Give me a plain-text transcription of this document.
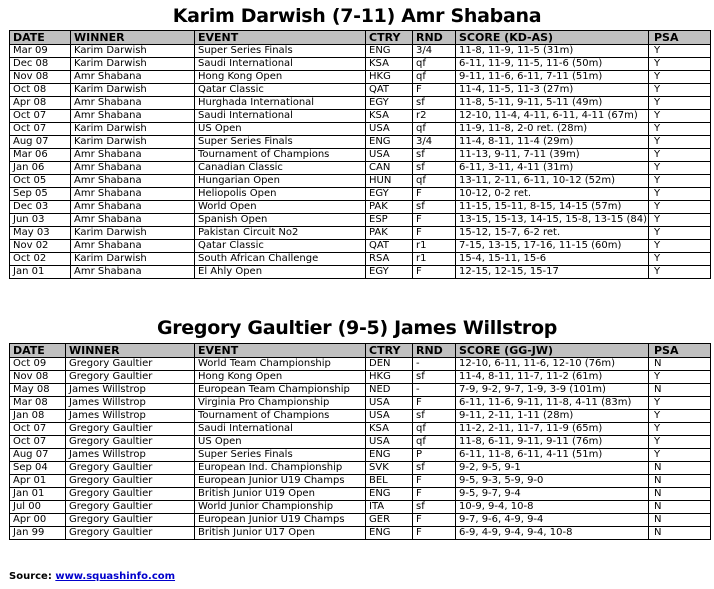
Karim Darwish (7-11) Amr Shabana
DATE	WINNER	EVENT	CTRY	RND	SCORE (KD-AS)	PSA
Mar 09	Karim Darwish	Super Series Finals	ENG	3/4	11-8, 11-9, 11-5 (31m)	Y
Dec 08	Karim Darwish	Saudi International	KSA	qf	6-11, 11-9, 11-5, 11-6 (50m)	Y
Nov 08	Amr Shabana	Hong Kong Open	HKG	qf	9-11, 11-6, 6-11, 7-11 (51m)	Y
Oct 08	Karim Darwish	Qatar Classic	QAT	F	11-4, 11-5, 11-3 (27m)	Y
Apr 08	Amr Shabana	Hurghada International	EGY	sf	11-8, 5-11, 9-11, 5-11 (49m)	Y
Oct 07	Amr Shabana	Saudi International	KSA	r2	12-10, 11-4, 4-11, 6-11, 4-11 (67m)	Y
Oct 07	Karim Darwish	US Open	USA	qf	11-9, 11-8, 2-0 ret. (28m)	Y
Aug 07	Karim Darwish	Super Series Finals	ENG	3/4	11-4, 8-11, 11-4 (29m)	Y
Mar 06	Amr Shabana	Tournament of Champions	USA	sf	11-13, 9-11, 7-11 (39m)	Y
Jan 06	Amr Shabana	Canadian Classic	CAN	sf	6-11, 3-11, 4-11 (31m)	Y
Oct 05	Amr Shabana	Hungarian Open	HUN	qf	13-11, 2-11, 6-11, 10-12 (52m)	Y
Sep 05	Amr Shabana	Heliopolis Open	EGY	F	10-12, 0-2 ret.	Y
Dec 03	Amr Shabana	World Open	PAK	sf	11-15, 15-11, 8-15, 14-15 (57m)	Y
Jun 03	Amr Shabana	Spanish Open	ESP	F	13-15, 15-13, 14-15, 15-8, 13-15 (84)	Y
May 03	Karim Darwish	Pakistan Circuit No2	PAK	F	15-12, 15-7, 6-2 ret.	Y
Nov 02	Amr Shabana	Qatar Classic	QAT	r1	7-15, 13-15, 17-16, 11-15 (60m)	Y
Oct 02	Karim Darwish	South African Challenge	RSA	r1	15-4, 15-11, 15-6	Y
Jan 01	Amr Shabana	El Ahly Open	EGY	F	12-15, 12-15, 15-17	Y
Gregory Gaultier (9-5) James Willstrop
DATE	WINNER	EVENT	CTRY	RND	SCORE (GG-JW)	PSA
Oct 09	Gregory Gaultier	World Team Championship	DEN	-	12-10, 6-11, 11-6, 12-10 (76m)	N
Nov 08	Gregory Gaultier	Hong Kong Open	HKG	sf	11-4, 8-11, 11-7, 11-2 (61m)	Y
May 08	James Willstrop	European Team Championship	NED	-	7-9, 9-2, 9-7, 1-9, 3-9 (101m)	N
Mar 08	James Willstrop	Virginia Pro Championship	USA	F	6-11, 11-6, 9-11, 11-8, 4-11 (83m)	Y
Jan 08	James Willstrop	Tournament of Champions	USA	sf	9-11, 2-11, 1-11 (28m)	Y
Oct 07	Gregory Gaultier	Saudi International	KSA	qf	11-2, 2-11, 11-7, 11-9 (65m)	Y
Oct 07	Gregory Gaultier	US Open	USA	qf	11-8, 6-11, 9-11, 9-11 (76m)	Y
Aug 07	James Willstrop	Super Series Finals	ENG	P	6-11, 11-8, 6-11, 4-11 (51m)	Y
Sep 04	Gregory Gaultier	European Ind. Championship	SVK	sf	9-2, 9-5, 9-1	N
Apr 01	Gregory Gaultier	European Junior U19 Champs	BEL	F	9-5, 9-3, 5-9, 9-0	N
Jan 01	Gregory Gaultier	British Junior U19 Open	ENG	F	9-5, 9-7, 9-4	N
Jul 00	Gregory Gaultier	World Junior Championship	ITA	sf	10-9, 9-4, 10-8	N
Apr 00	Gregory Gaultier	European Junior U19 Champs	GER	F	9-7, 9-6, 4-9, 9-4	N
Jan 99	Gregory Gaultier	British Junior U17 Open	ENG	F	6-9, 4-9, 9-4, 9-4, 10-8	N
Source: www.squashinfo.com
